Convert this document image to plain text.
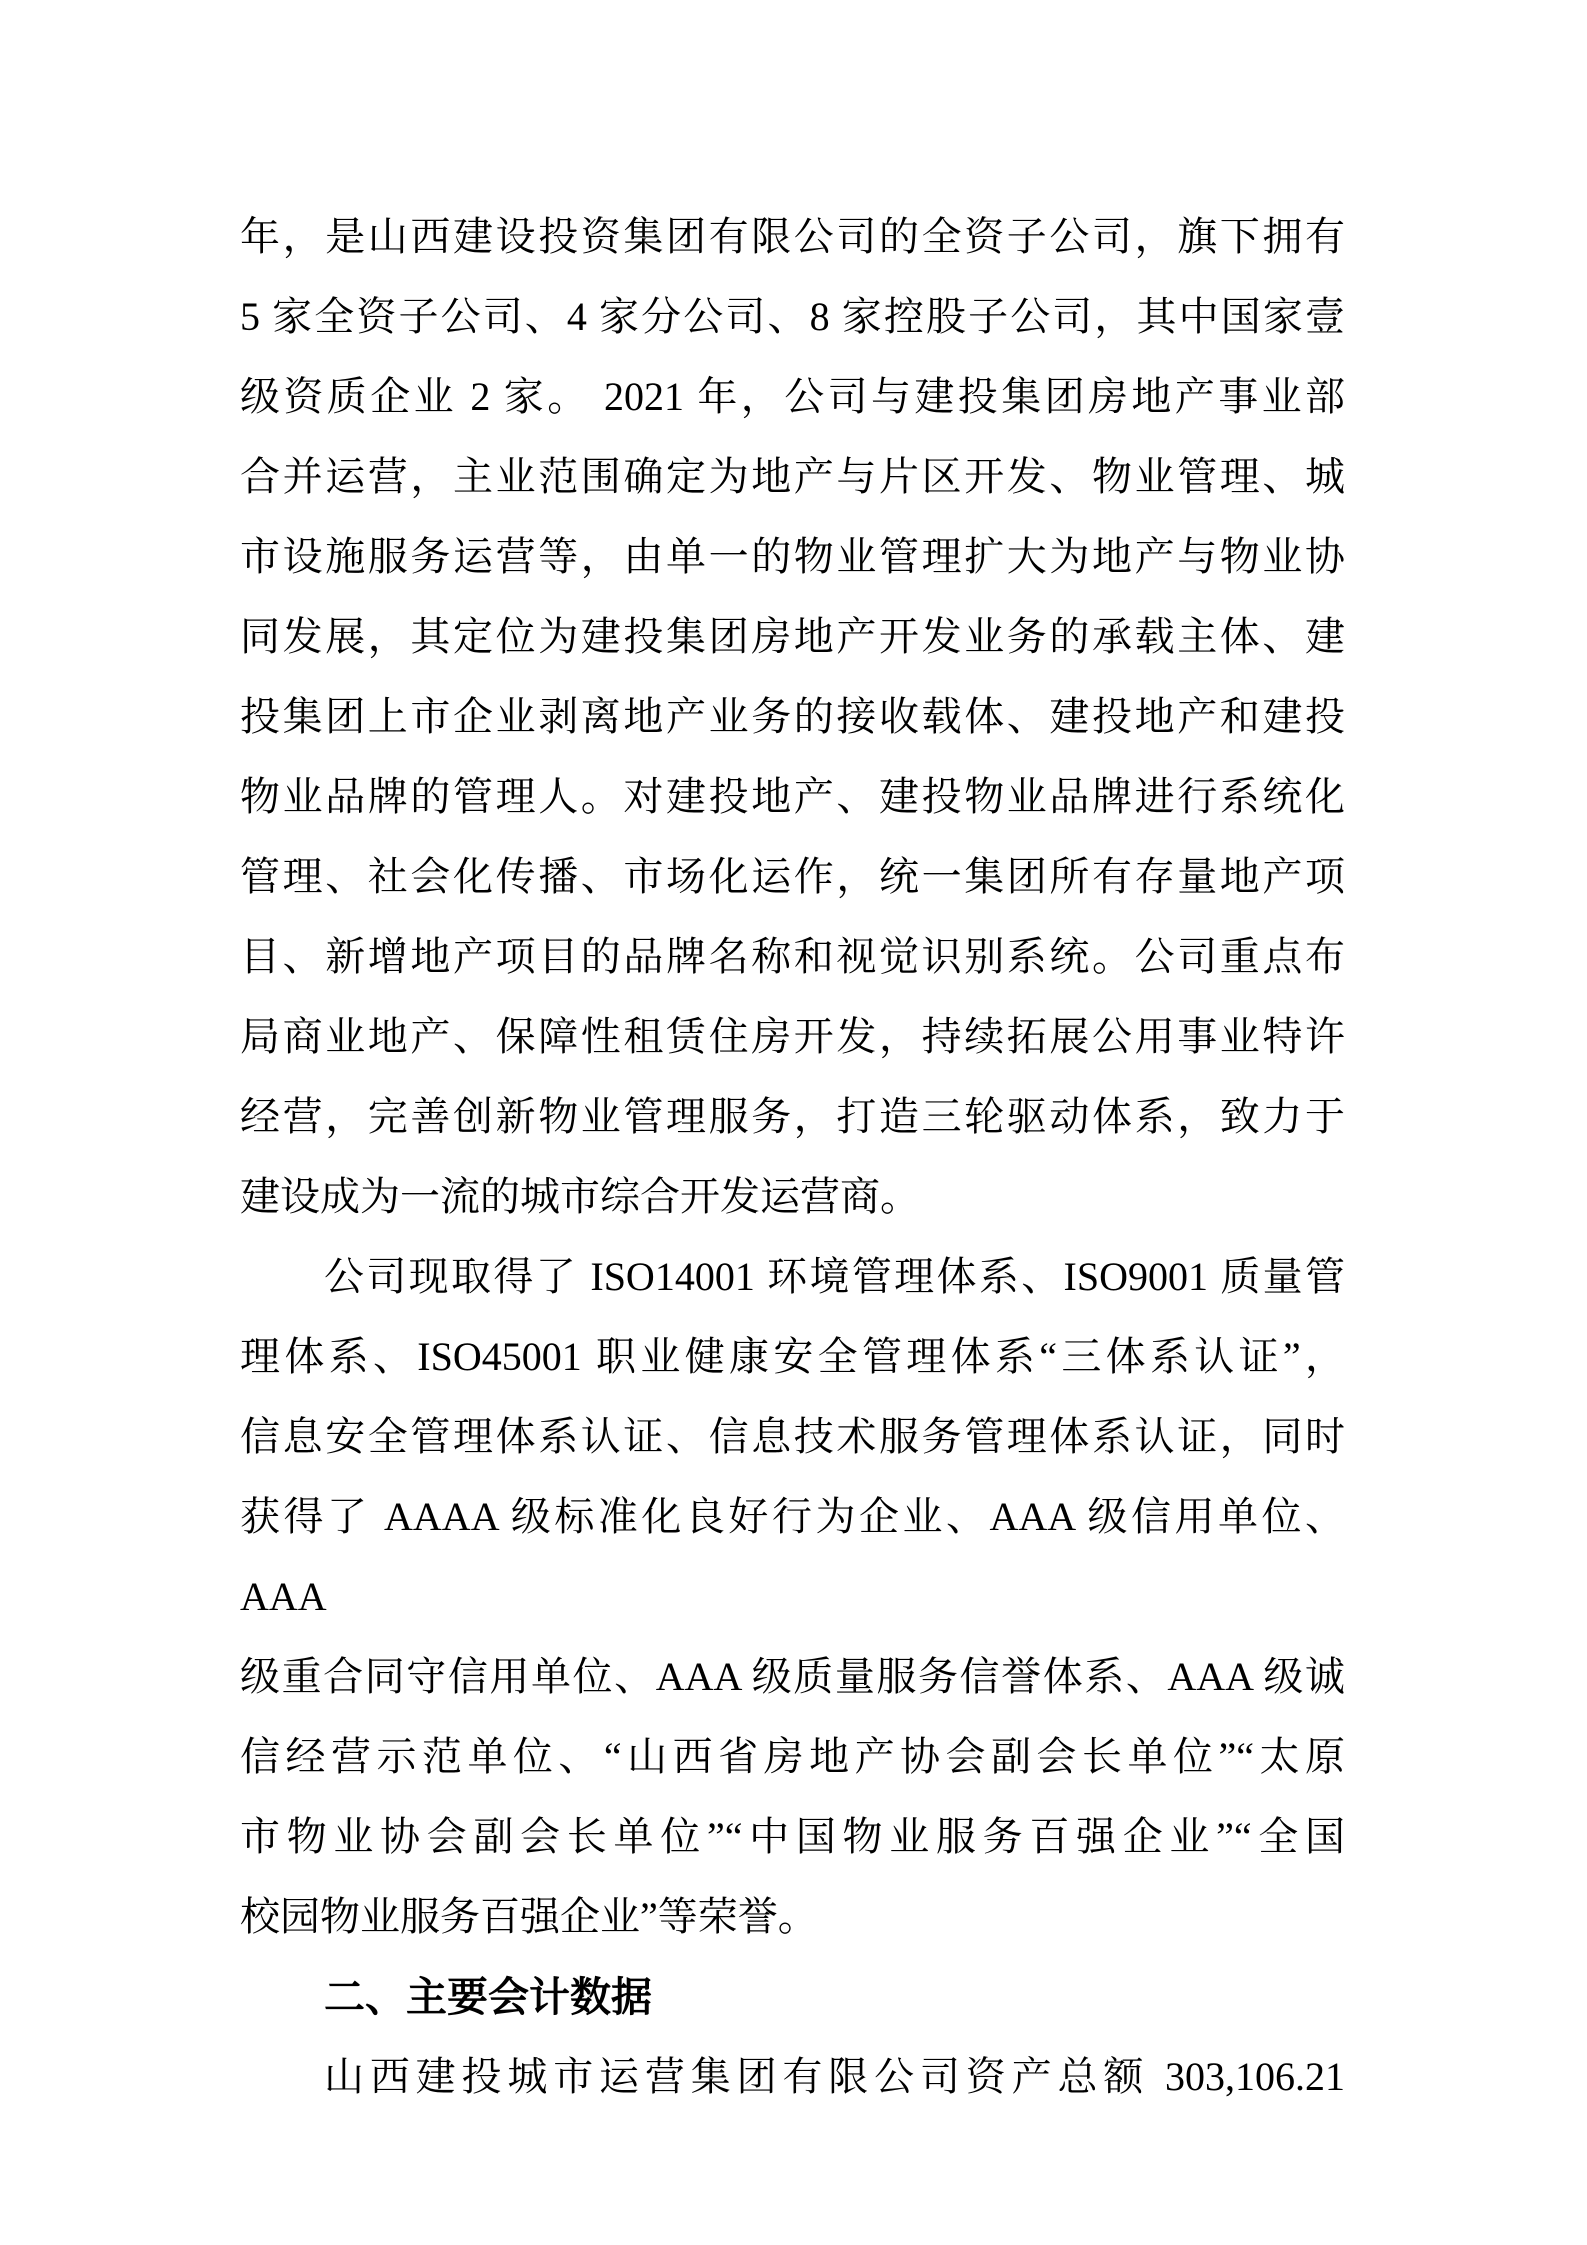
年，是山西建设投资集团有限公司的全资子公司，旗下拥有
5 家全资子公司、4 家分公司、8 家控股子公司，其中国家壹
级资质企业 2 家。 2021 年，公司与建投集团房地产事业部
合并运营，主业范围确定为地产与片区开发、物业管理、城
市设施服务运营等，由单一的物业管理扩大为地产与物业协
同发展，其定位为建投集团房地产开发业务的承载主体、建
投集团上市企业剥离地产业务的接收载体、建投地产和建投
物业品牌的管理人。对建投地产、建投物业品牌进行系统化
管理、社会化传播、市场化运作，统一集团所有存量地产项
目、新增地产项目的品牌名称和视觉识别系统。公司重点布
局商业地产、保障性租赁住房开发，持续拓展公用事业特许
经营，完善创新物业管理服务，打造三轮驱动体系，致力于
建设成为一流的城市综合开发运营商。
公司现取得了 ISO14001 环境管理体系、ISO9001 质量管
理体系、ISO45001 职业健康安全管理体系“三体系认证”，
信息安全管理体系认证、信息技术服务管理体系认证，同时
获得了 AAAA 级标准化良好行为企业、AAA 级信用单位、AAA
级重合同守信用单位、AAA 级质量服务信誉体系、AAA 级诚
信经营示范单位、“山西省房地产协会副会长单位”“太原
市物业协会副会长单位”“中国物业服务百强企业”“全国
校园物业服务百强企业”等荣誉。
二、主要会计数据
山西建投城市运营集团有限公司资产总额 303,106.21
